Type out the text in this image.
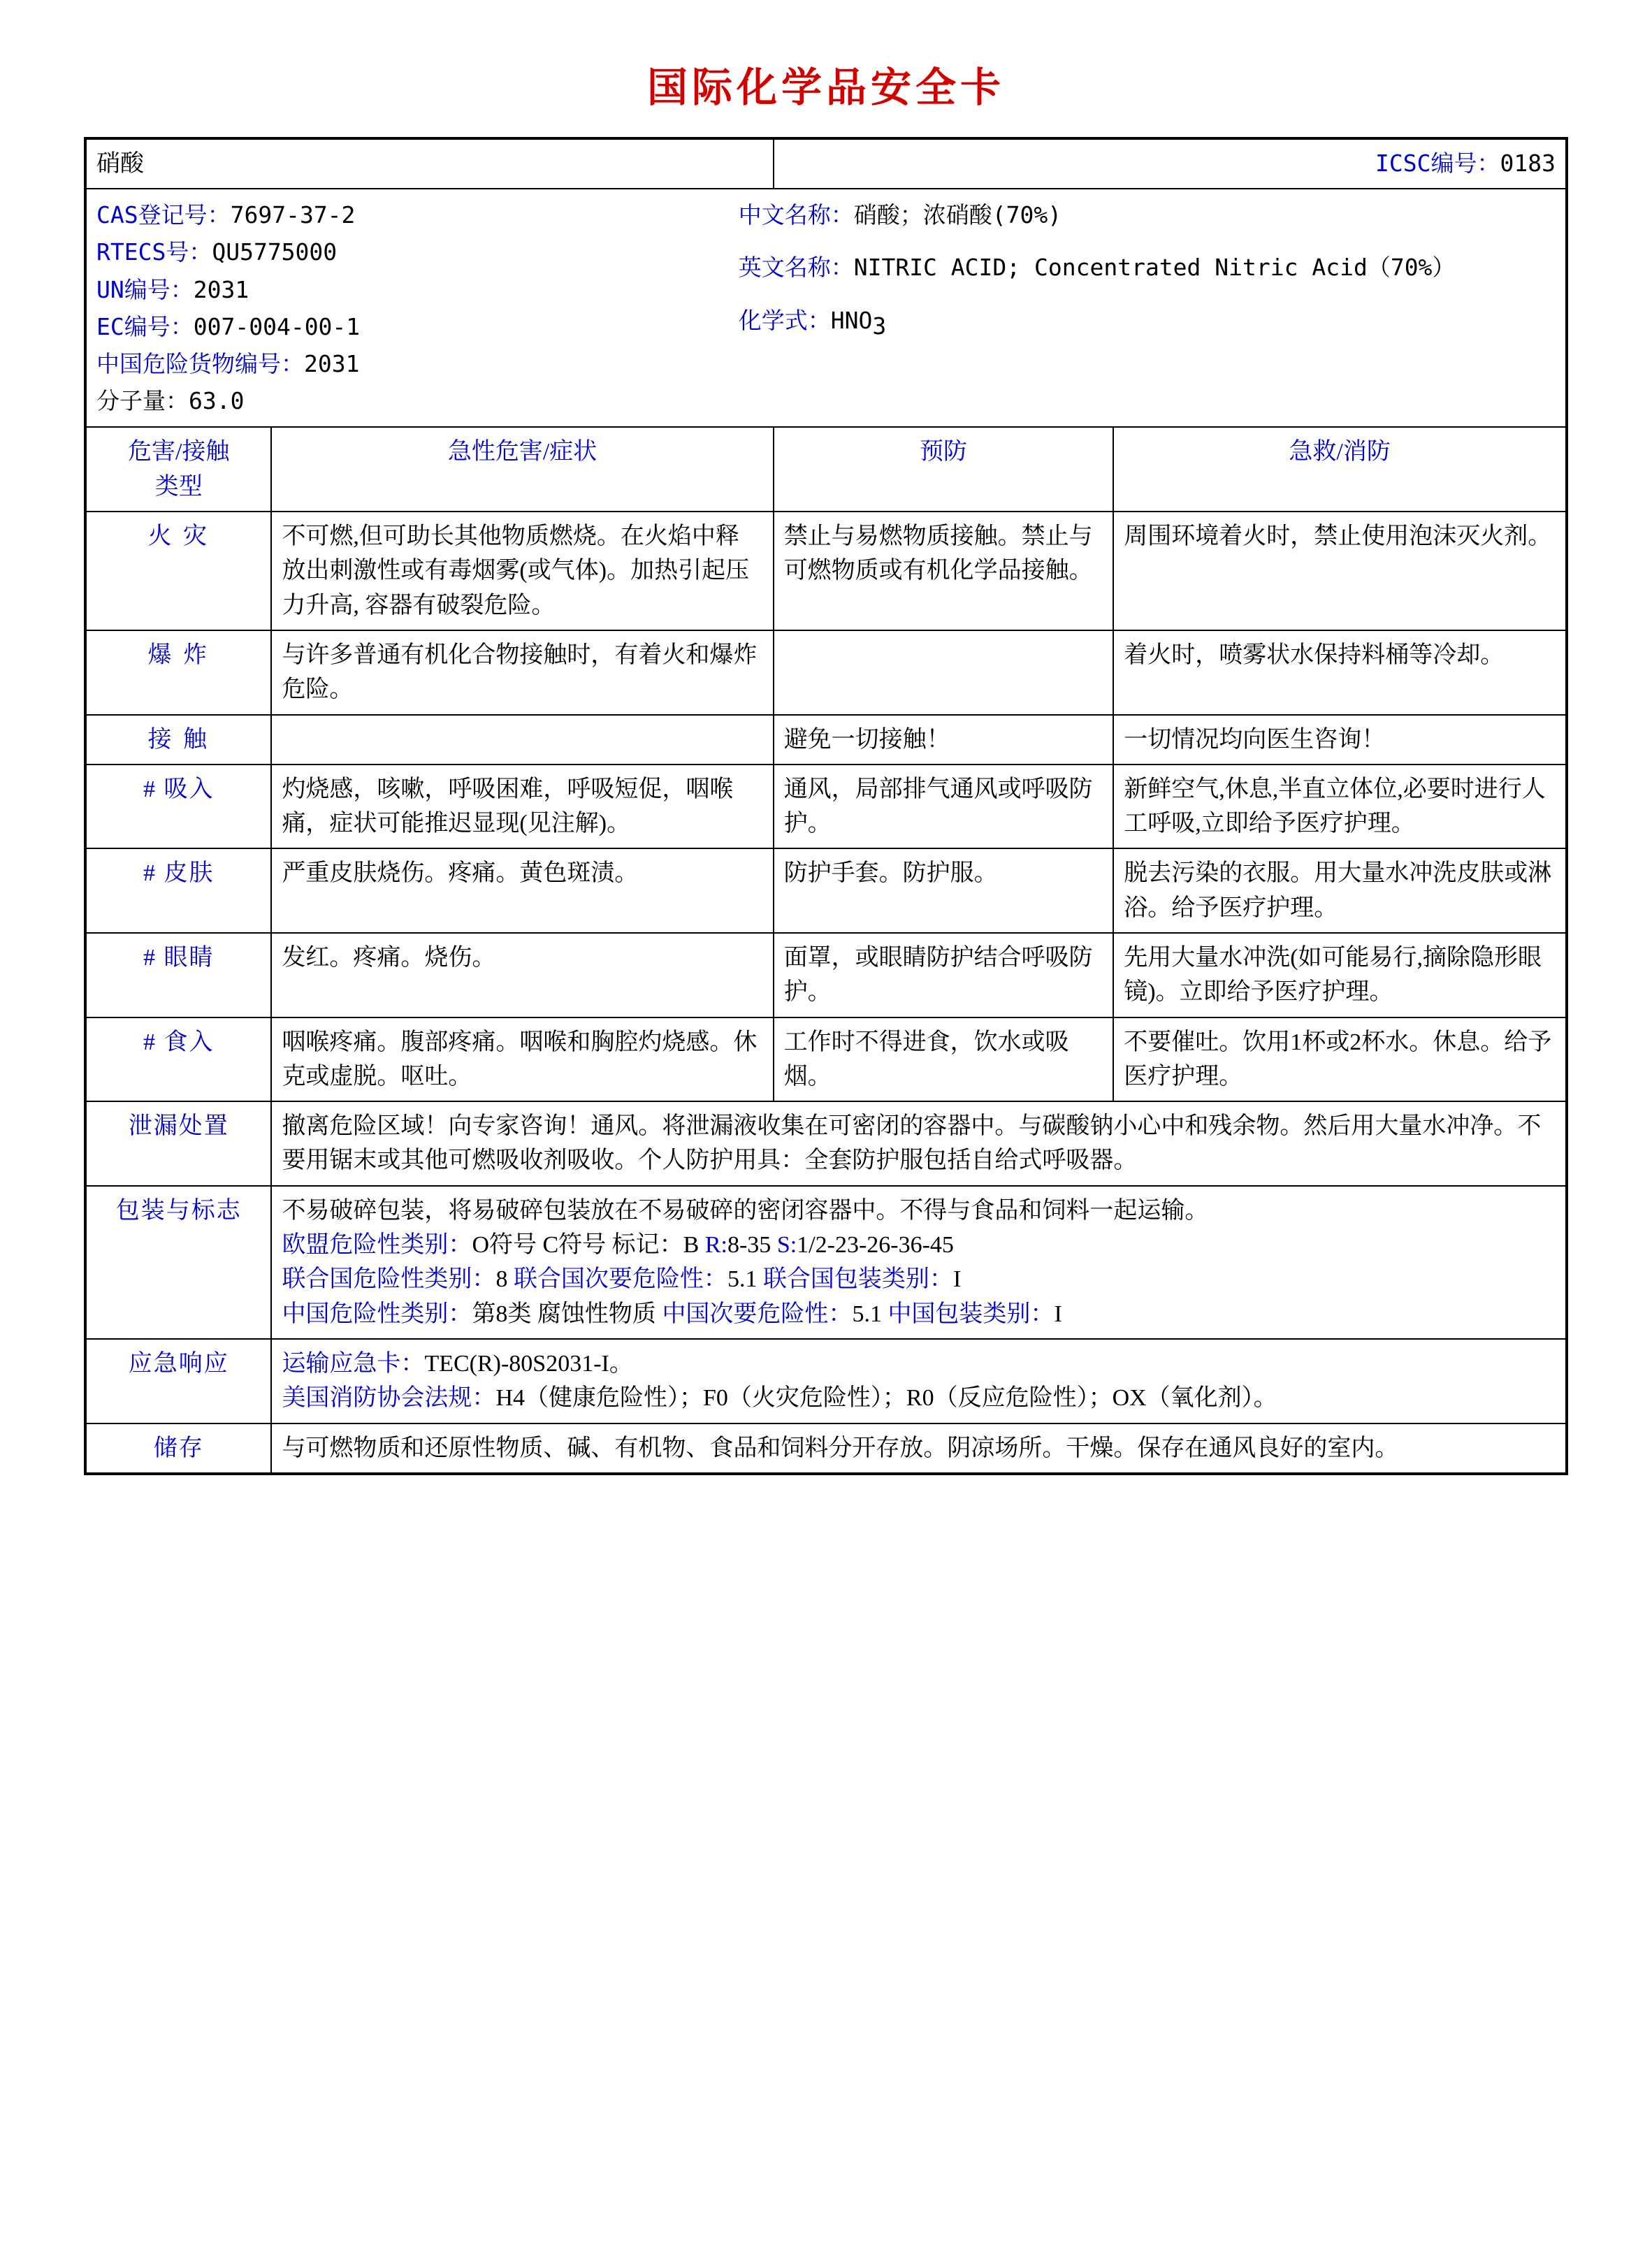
国际化学品安全卡
硝酸		ICSC编号：0183	

CAS登记号：7697-37-2
RTECS号：QU5775000
UN编号：2031
EC编号：007-004-00-1
中国危险货物编号：2031
分子量：63.0
中文名称：硝酸；浓硝酸(70%)
英文名称：NITRIC ACID; Concentrated Nitric Acid（70%）
化学式：$HNO_3$

危害/接触
类型	急性危害/症状	预防	急救/消防
火 灾	不可燃,但可助长其他物质燃烧。在火焰中释放出刺激性或有毒烟雾(或气体)。加热引起压力升高, 容器有破裂危险。	禁止与易燃物质接触。禁止与可燃物质或有机化学品接触。	周围环境着火时，禁止使用泡沫灭火剂。
爆 炸	与许多普通有机化合物接触时，有着火和爆炸危险。		着火时，喷雾状水保持料桶等冷却。
接 触		避免一切接触！	一切情况均向医生咨询！
# 吸入	灼烧感，咳嗽，呼吸困难，呼吸短促，咽喉痛，症状可能推迟显现(见注解)。	通风，局部排气通风或呼吸防护。	新鲜空气,休息,半直立体位,必要时进行人工呼吸,立即给予医疗护理。
# 皮肤	严重皮肤烧伤。疼痛。黄色斑渍。	防护手套。防护服。	脱去污染的衣服。用大量水冲洗皮肤或淋浴。给予医疗护理。
# 眼睛	发红。疼痛。烧伤。	面罩，或眼睛防护结合呼吸防护。	先用大量水冲洗(如可能易行,摘除隐形眼镜)。立即给予医疗护理。
# 食入	咽喉疼痛。腹部疼痛。咽喉和胸腔灼烧感。休克或虚脱。呕吐。	工作时不得进食，饮水或吸烟。	不要催吐。饮用1杯或2杯水。休息。给予医疗护理。
泄漏处置	撤离危险区域！向专家咨询！通风。将泄漏液收集在可密闭的容器中。与碳酸钠小心中和残余物。然后用大量水冲净。不要用锯末或其他可燃吸收剂吸收。个人防护用具：全套防护服包括自给式呼吸器。		
包装与标志	不易破碎包装，将易破碎包装放在不易破碎的密闭容器中。不得与食品和饲料一起运输。
欧盟危险性类别：O符号 C符号 标记：B R:8-35 S:1/2-23-26-36-45
联合国危险性类别：8 联合国次要危险性：5.1 联合国包装类别：I
中国危险性类别：第8类 腐蚀性物质 中国次要危险性：5.1 中国包装类别：I		

应急响应	运输应急卡：TEC(R)-80S2031-I。
美国消防协会法规：H4（健康危险性）；F0（火灾危险性）；R0（反应危险性）；OX（氧化剂）。		

储存	与可燃物质和还原性物质、碱、有机物、食品和饲料分开存放。阴凉场所。干燥。保存在通风良好的室内。		
